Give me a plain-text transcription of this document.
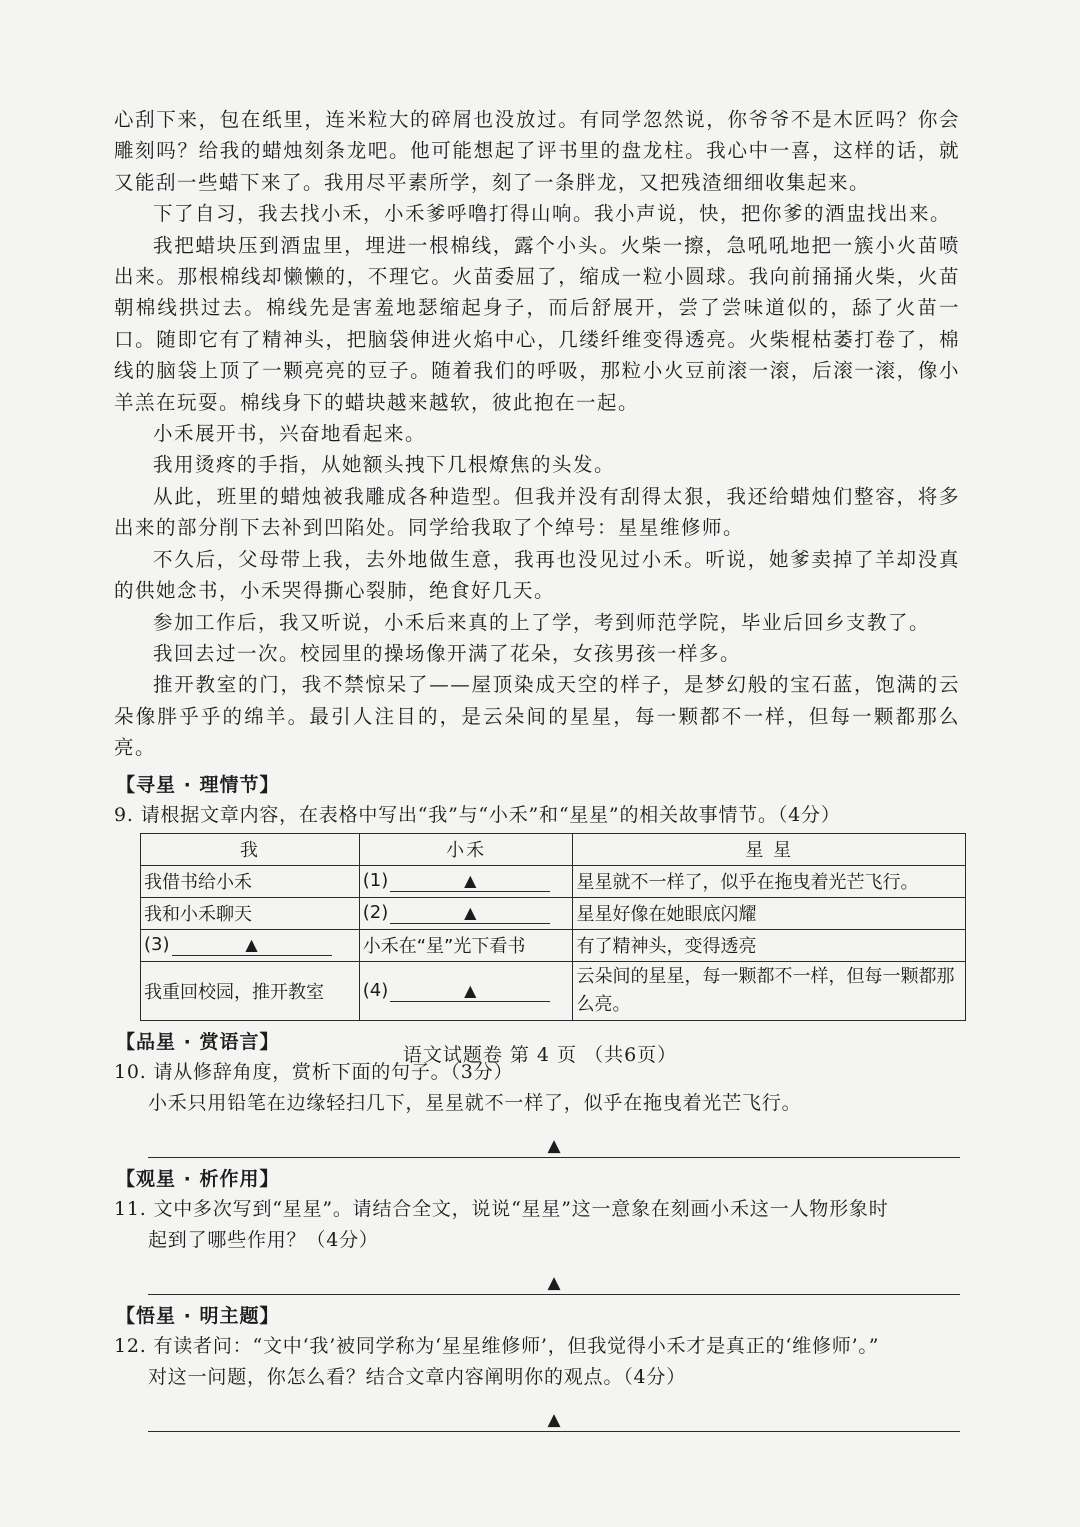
心刮下来，包在纸里，连米粒大的碎屑也没放过。有同学忽然说，你爷爷不是木匠吗？你会雕刻吗？给我的蜡烛刻条龙吧。他可能想起了评书里的盘龙柱。我心中一喜，这样的话，就又能刮一些蜡下来了。我用尽平素所学，刻了一条胖龙，又把残渣细细收集起来。

下了自习，我去找小禾，小禾爹呼噜打得山响。我小声说，快，把你爹的酒盅找出来。

我把蜡块压到酒盅里，埋进一根棉线，露个小头。火柴一擦，急吼吼地把一簇小火苗喷出来。那根棉线却懒懒的，不理它。火苗委屈了，缩成一粒小圆球。我向前捅捅火柴，火苗朝棉线拱过去。棉线先是害羞地瑟缩起身子，而后舒展开，尝了尝味道似的，舔了火苗一口。随即它有了精神头，把脑袋伸进火焰中心，几缕纤维变得透亮。火柴棍枯萎打卷了，棉线的脑袋上顶了一颗亮亮的豆子。随着我们的呼吸，那粒小火豆前滚一滚，后滚一滚，像小羊羔在玩耍。棉线身下的蜡块越来越软，彼此抱在一起。

小禾展开书，兴奋地看起来。

我用烫疼的手指，从她额头拽下几根燎焦的头发。

从此，班里的蜡烛被我雕成各种造型。但我并没有刮得太狠，我还给蜡烛们整容，将多出来的部分削下去补到凹陷处。同学给我取了个绰号：星星维修师。

不久后，父母带上我，去外地做生意，我再也没见过小禾。听说，她爹卖掉了羊却没真的供她念书，小禾哭得撕心裂肺，绝食好几天。

参加工作后，我又听说，小禾后来真的上了学，考到师范学院，毕业后回乡支教了。

我回去过一次。校园里的操场像开满了花朵，女孩男孩一样多。

推开教室的门，我不禁惊呆了——屋顶染成天空的样子，是梦幻般的宝石蓝，饱满的云朵像胖乎乎的绵羊。最引人注目的，是云朵间的星星，每一颗都不一样，但每一颗都那么亮。

【寻星 · 理情节】

9. 请根据文章内容，在表格中写出“我”与“小禾”和“星星”的相关故事情节。（4分）

我	小禾	星 星
我借书给小禾	(1) ▲	星星就不一样了，似乎在拖曳着光芒飞行。
我和小禾聊天	(2) ▲	星星好像在她眼底闪耀
(3) ▲	小禾在“星”光下看书	有了精神头，变得透亮
我重回校园，推开教室	(4) ▲	云朵间的星星，每一颗都不一样，但每一颗都那么亮。
【品星 · 赏语言】

10. 请从修辞角度，赏析下面的句子。（3分）

小禾只用铅笔在边缘轻扫几下，星星就不一样了，似乎在拖曳着光芒飞行。

▲
【观星 · 析作用】

11. 文中多次写到“星星”。请结合全文，说说“星星”这一意象在刻画小禾这一人物形象时

起到了哪些作用？（4分）

▲
【悟星 · 明主题】

12. 有读者问：“文中‘我’被同学称为‘星星维修师’，但我觉得小禾才是真正的‘维修师’。”

对这一问题，你怎么看？结合文章内容阐明你的观点。（4分）

▲
语文试题卷 第 4 页 （共6页）
